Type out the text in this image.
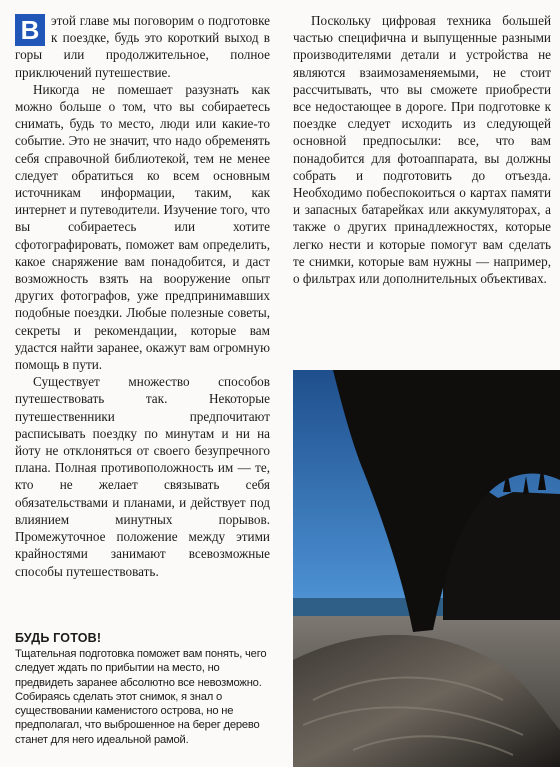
В этой главе мы поговорим о подготовке к поездке, будь это короткий выход в горы или продолжительное, полное приключений путешествие.

Никогда не помешает разузнать как можно больше о том, что вы собираетесь снимать, будь то место, люди или какие-то событие. Это не значит, что надо обременять себя справочной библиотекой, тем не менее следует обратиться ко всем основным источникам информации, таким, как интернет и путеводители. Изучение того, что вы собираетесь или хотите сфотографировать, поможет вам определить, какое снаряжение вам понадобится, и даст возможность взять на вооружение опыт других фотографов, уже предпринимавших подобные поездки. Любые полезные советы, секреты и рекомендации, которые вам удастся найти заранее, окажут вам огромную помощь в пути.

Существует множество способов путешествовать так. Некоторые путешественники предпочитают расписывать поездку по минутам и ни на йоту не отклоняться от своего безупречного плана. Полная противоположность им — те, кто не желает связывать себя обязательствами и планами, и действует под влиянием минутных порывов. Промежуточное положение между этими крайностями занимают всевозможные способы путешествовать.

Поскольку цифровая техника большей частью специфична и выпущенные разными производителями детали и устройства не являются взаимозаменяемыми, не стоит рассчитывать, что вы сможете приобрести все недостающее в дороге. При подготовке к поездке следует исходить из следующей основной предпосылки: все, что вам понадобится для фотоаппарата, вы должны собрать и подготовить до отъезда. Необходимо побеспокоиться о картах памяти и запасных батарейках или аккумуляторах, а также о других принадлежностях, которые легко нести и которые помогут вам сделать те снимки, которые вам нужны — например, о фильтрах или дополнительных объективах.

БУДЬ ГОТОВ!

Тщательная подготовка поможет вам понять, чего следует ждать по прибытии на место, но предвидеть заранее абсолютно все невозможно. Собираясь сделать этот снимок, я знал о существовании каменистого острова, но не предполагал, что выброшенное на берег дерево станет для него идеальной рамой.
